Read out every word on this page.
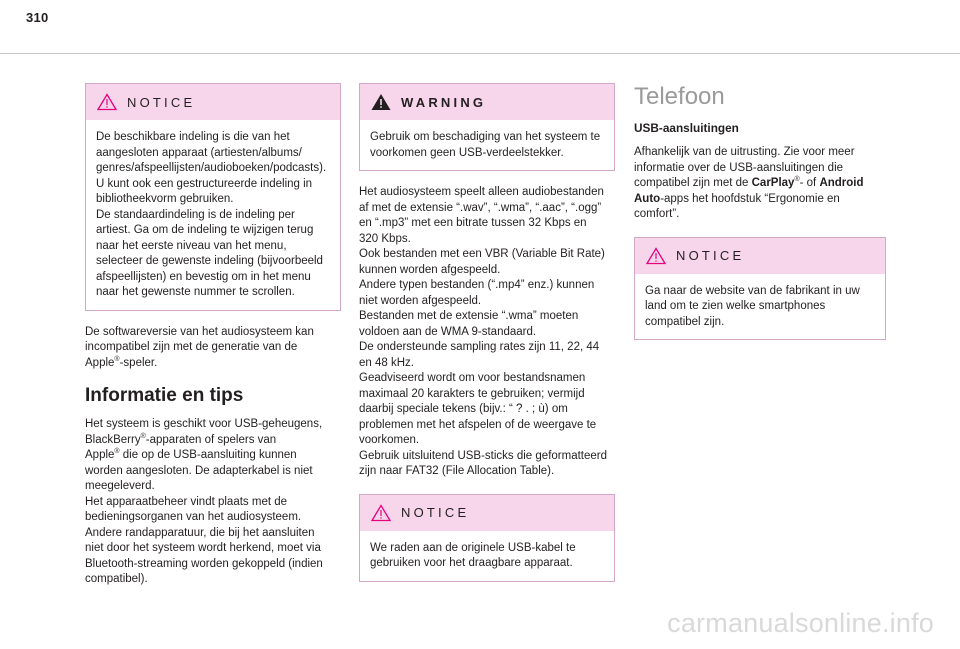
310
NOTICE

De beschikbare indeling is die van het

aangesloten apparaat (artiesten/albums/

genres/afspeellijsten/audioboeken/podcasts).

U kunt ook een gestructureerde indeling in

bibliotheekvorm gebruiken.

De standaardindeling is de indeling per

artiest. Ga om de indeling te wijzigen terug

naar het eerste niveau van het menu,

selecteer de gewenste indeling (bijvoorbeeld

afspeellijsten) en bevestig om in het menu

naar het gewenste nummer te scrollen.

De softwareversie van het audiosysteem kan

incompatibel zijn met de generatie van de

Apple®-speler.

Informatie en tips

Het systeem is geschikt voor USB-geheugens,

BlackBerry®-apparaten of spelers van

Apple® die op de USB-aansluiting kunnen

worden aangesloten. De adapterkabel is niet

meegeleverd.

Het apparaatbeheer vindt plaats met de

bedieningsorganen van het audiosysteem.

Andere randapparatuur, die bij het aansluiten

niet door het systeem wordt herkend, moet via

Bluetooth-streaming worden gekoppeld (indien

compatibel).

WARNING

Gebruik om beschadiging van het systeem te

voorkomen geen USB-verdeelstekker.

Het audiosysteem speelt alleen audiobestanden

af met de extensie “.wav”, “.wma”, “.aac”, “.ogg”

en “.mp3” met een bitrate tussen 32 Kbps en

320 Kbps.

Ook bestanden met een VBR (Variable Bit Rate)

kunnen worden afgespeeld.

Andere typen bestanden (“.mp4” enz.) kunnen

niet worden afgespeeld.

Bestanden met de extensie “.wma” moeten

voldoen aan de WMA 9-standaard.

De ondersteunde sampling rates zijn 11, 22, 44

en 48 kHz.

Geadviseerd wordt om voor bestandsnamen

maximaal 20 karakters te gebruiken; vermijd

daarbij speciale tekens (bijv.: “ ? . ; ù) om

problemen met het afspelen of de weergave te

voorkomen.

Gebruik uitsluitend USB-sticks die geformatteerd

zijn naar FAT32 (File Allocation Table).

NOTICE

We raden aan de originele USB-kabel te

gebruiken voor het draagbare apparaat.

Telefoon
USB-aansluitingen

Afhankelijk van de uitrusting. Zie voor meer

informatie over de USB-aansluitingen die

compatibel zijn met de CarPlay®- of Android

Auto-apps het hoofdstuk “Ergonomie en

comfort”.

NOTICE

Ga naar de website van de fabrikant in uw

land om te zien welke smartphones

compatibel zijn.

carmanualsonline.info
